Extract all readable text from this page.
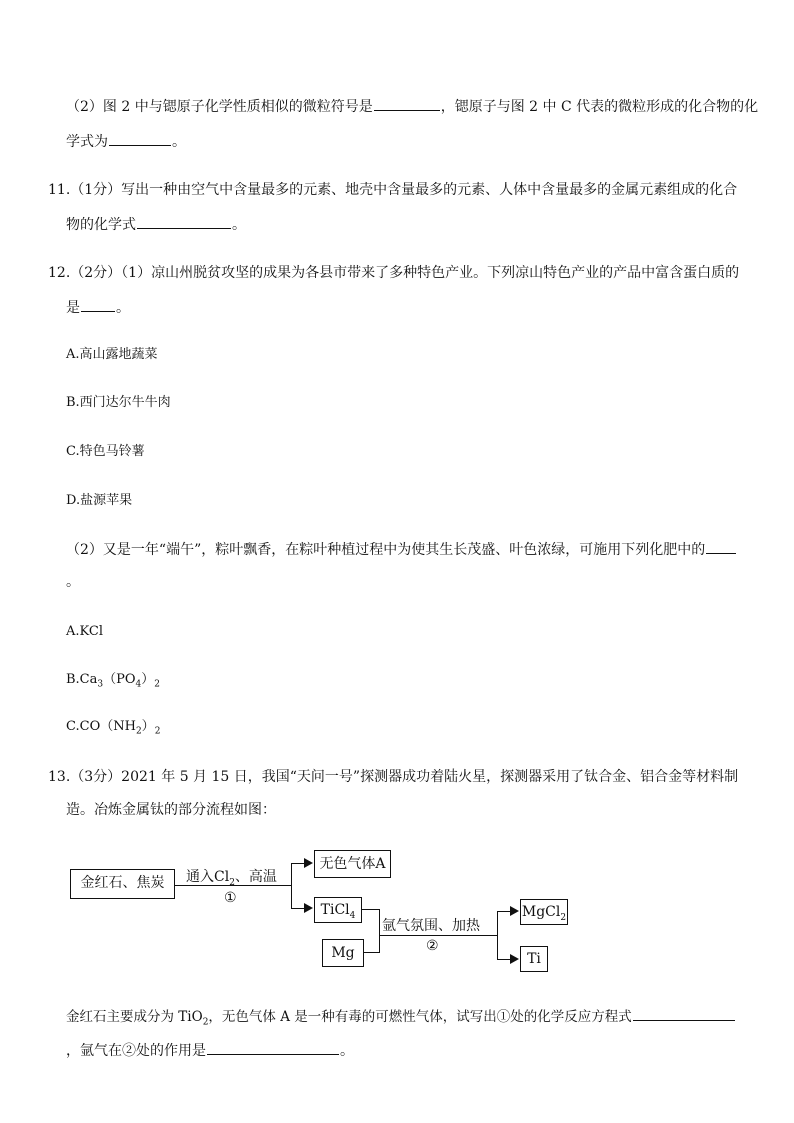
（2）图 2 中与锶原子化学性质相似的微粒符号是	，锶原子与图 2 中 C 代表的微粒形成的化合物的化
学式为	。
11.（1分）写出一种由空气中含量最多的元素、地壳中含量最多的元素、人体中含量最多的金属元素组成的化合
物的化学式	。
12.（2分）（1）凉山州脱贫攻坚的成果为各县市带来了多种特色产业。下列凉山特色产业的产品中富含蛋白质的
是	。
A.高山露地蔬菜
B.西门达尔牛牛肉
C.特色马铃薯
D.盐源苹果
（2）又是一年“端午”，粽叶飘香，在粽叶种植过程中为使其生长茂盛、叶色浓绿，可施用下列化肥中的
。
A.KCl
$B.Ca_3(PO_4)_2$
$C.CO(NH_2)_2$
13.（3分）2021 年 5 月 15 日，我国“天问一号”探测器成功着陆火星，探测器采用了钛合金、铝合金等材料制
造。冶炼金属钛的部分流程如图：
金红石、焦炭	通入$Cl_2$、高温
①
无色气体A
TiCl$_4$
Mg
氩气氛围、加热
②
MgCl$_2$
Ti
金红石主要成分为 TiO$_2$，无色气体 A 是一种有毒的可燃性气体，试写出①处的化学反应方程式
，氩气在②处的作用是	。
